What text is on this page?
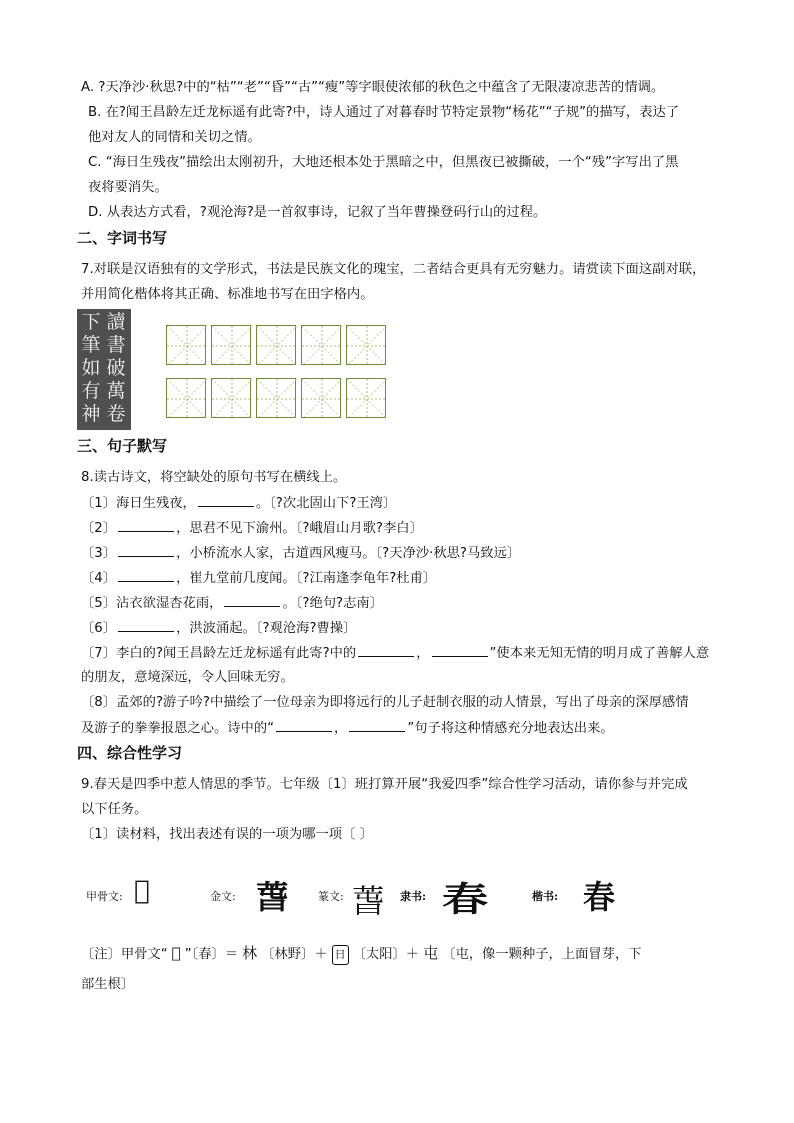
A. ?天净沙·秋思?中的“枯”“老”“昏”“古”“瘦”等字眼使浓郁的秋色之中蕴含了无限凄凉悲苦的情调。
B. 在?闻王昌龄左迁龙标遥有此寄?中，诗人通过了对暮春时节特定景物“杨花”“子规”的描写，表达了
他对友人的同情和关切之情。
C. “海日生残夜”描绘出太刚初升，大地还根本处于黑暗之中，但黑夜已被撕破，一个“残”字写出了黑
夜将要消失。
D. 从表达方式看，?观沧海?是一首叙事诗，记叙了当年曹操登码行山的过程。
二、字词书写
7.对联是汉语独有的文学形式，书法是民族文化的瑰宝，二者结合更具有无穷魅力。请赏读下面这副对联，
并用简化楷体将其正确、标准地书写在田字格内。
讀
書
破
萬
卷
下
筆
如
有
神
三、句子默写
8.读古诗文，将空缺处的原句书写在横线上。
〔1〕海日生残夜，	。〔?次北固山下?王湾〕
〔2〕	，思君不见下渝州。〔?峨眉山月歌?李白〕
〔3〕	，小桥流水人家，古道西风瘦马。〔?天净沙·秋思?马致远〕
〔4〕	，崔九堂前几度闻。〔?江南逢李龟年?杜甫〕
〔5〕沾衣欲湿杏花雨，	。〔?绝句?志南〕
〔6〕	，洪波涌起。〔?观沧海?曹操〕
〔7〕李白的?闻王昌龄左迁龙标遥有此寄?中的	，	”使本来无知无情的明月成了善解人意
的朋友，意境深远，令人回味无穷。
〔8〕孟郊的?游子吟?中描绘了一位母亲为即将远行的儿子赶制衣服的动人情景，写出了母亲的深厚感情
及游子的拳拳报恩之心。诗中的“	，	”句子将这种情感充分地表达出来。
四、综合性学习
9.春天是四季中惹人情思的季节。七年级〔1〕班打算开展“我爱四季”综合性学习活动，请你参与并完成
以下任务。
〔1〕读材料，找出表述有误的一项为哪一项〔 〕
甲骨文: 𣌢	金文: 萅	篆文: 萅 隶书: 春	楷书: 春
〔注〕甲骨文“ 𣌢 ”〔春〕＝ 林 〔林野〕＋ 日 〔太阳〕＋ 屯 〔屯，像一颗种子，上面冒芽，下
部生根〕
